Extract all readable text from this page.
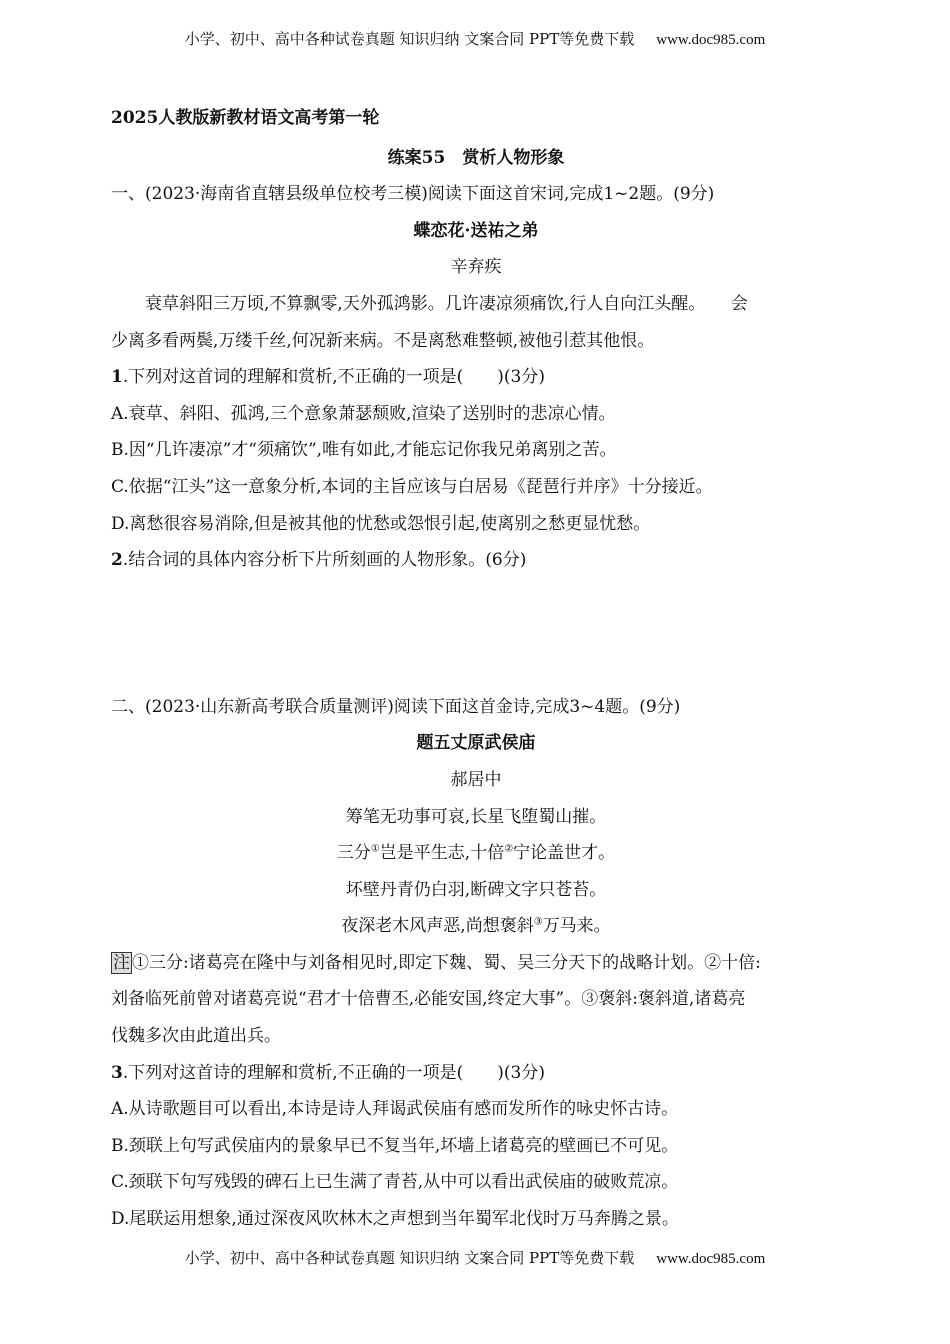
小学、初中、高中各种试卷真题 知识归纳 文案合同 PPT等免费下载 www.doc985.com
2025人教版新教材语文高考第一轮
练案55　赏析人物形象
一、(2023·海南省直辖县级单位校考三模)阅读下面这首宋词,完成1~2题。(9分)
蝶恋花·送祐之弟
辛弃疾
衰草斜阳三万顷,不算飘零,天外孤鸿影。几许凄凉须痛饮,行人自向江头醒。　　会
少离多看两鬓,万缕千丝,何况新来病。不是离愁难整顿,被他引惹其他恨。
1.下列对这首词的理解和赏析,不正确的一项是(　　)(3分)
A.衰草、斜阳、孤鸿,三个意象萧瑟颓败,渲染了送别时的悲凉心情。
B.因“几许凄凉”才“须痛饮”,唯有如此,才能忘记你我兄弟离别之苦。
C.依据“江头”这一意象分析,本词的主旨应该与白居易《琵琶行并序》十分接近。
D.离愁很容易消除,但是被其他的忧愁或怨恨引起,使离别之愁更显忧愁。
2.结合词的具体内容分析下片所刻画的人物形象。(6分)
二、(2023·山东新高考联合质量测评)阅读下面这首金诗,完成3~4题。(9分)
题五丈原武侯庙
郝居中
筹笔无功事可哀,长星飞堕蜀山摧。
三分①岂是平生志,十倍②宁论盖世才。
坏壁丹青仍白羽,断碑文字只苍苔。
夜深老木风声恶,尚想褒斜③万马来。
注 ①三分:诸葛亮在隆中与刘备相见时,即定下魏、蜀、吴三分天下的战略计划。②十倍:
刘备临死前曾对诸葛亮说“君才十倍曹丕,必能安国,终定大事”。③褒斜:褒斜道,诸葛亮
伐魏多次由此道出兵。
3.下列对这首诗的理解和赏析,不正确的一项是(　　)(3分)
A.从诗歌题目可以看出,本诗是诗人拜谒武侯庙有感而发所作的咏史怀古诗。
B.颈联上句写武侯庙内的景象早已不复当年,坏墙上诸葛亮的壁画已不可见。
C.颈联下句写残毁的碑石上已生满了青苔,从中可以看出武侯庙的破败荒凉。
D.尾联运用想象,通过深夜风吹林木之声想到当年蜀军北伐时万马奔腾之景。
小学、初中、高中各种试卷真题 知识归纳 文案合同 PPT等免费下载 www.doc985.com
